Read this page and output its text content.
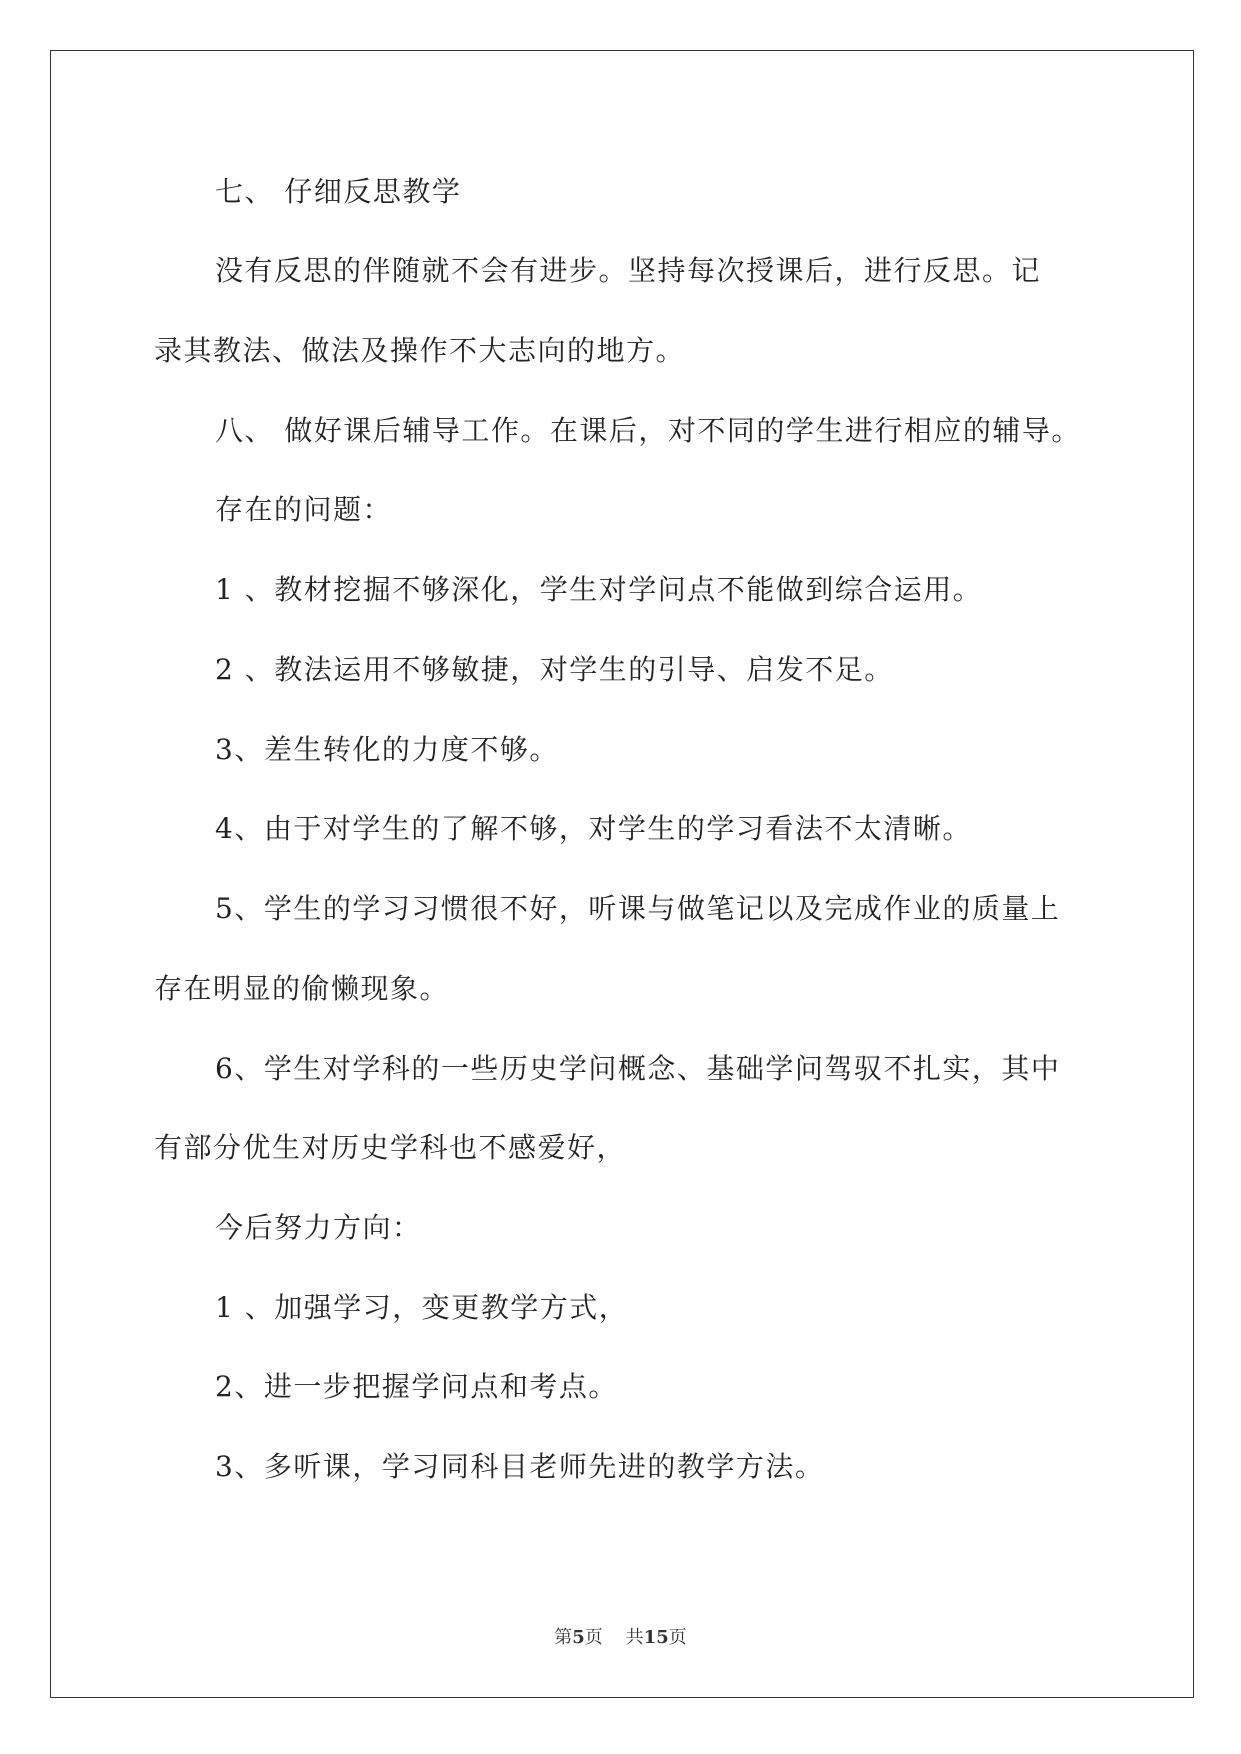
七、 仔细反思教学
没有反思的伴随就不会有进步。坚持每次授课后，进行反思。记
录其教法、做法及操作不大志向的地方。
八、 做好课后辅导工作。在课后，对不同的学生进行相应的辅导。
存在的问题：
1 、教材挖掘不够深化，学生对学问点不能做到综合运用。
2 、教法运用不够敏捷，对学生的引导、启发不足。
3、差生转化的力度不够。
4、由于对学生的了解不够，对学生的学习看法不太清晰。
5、学生的学习习惯很不好，听课与做笔记以及完成作业的质量上
存在明显的偷懒现象。
6、学生对学科的一些历史学问概念、基础学问驾驭不扎实，其中
有部分优生对历史学科也不感爱好，
今后努力方向：
1 、加强学习，变更教学方式，
2、进一步把握学问点和考点。
3、多听课，学习同科目老师先进的教学方法。
第5页 共15页
